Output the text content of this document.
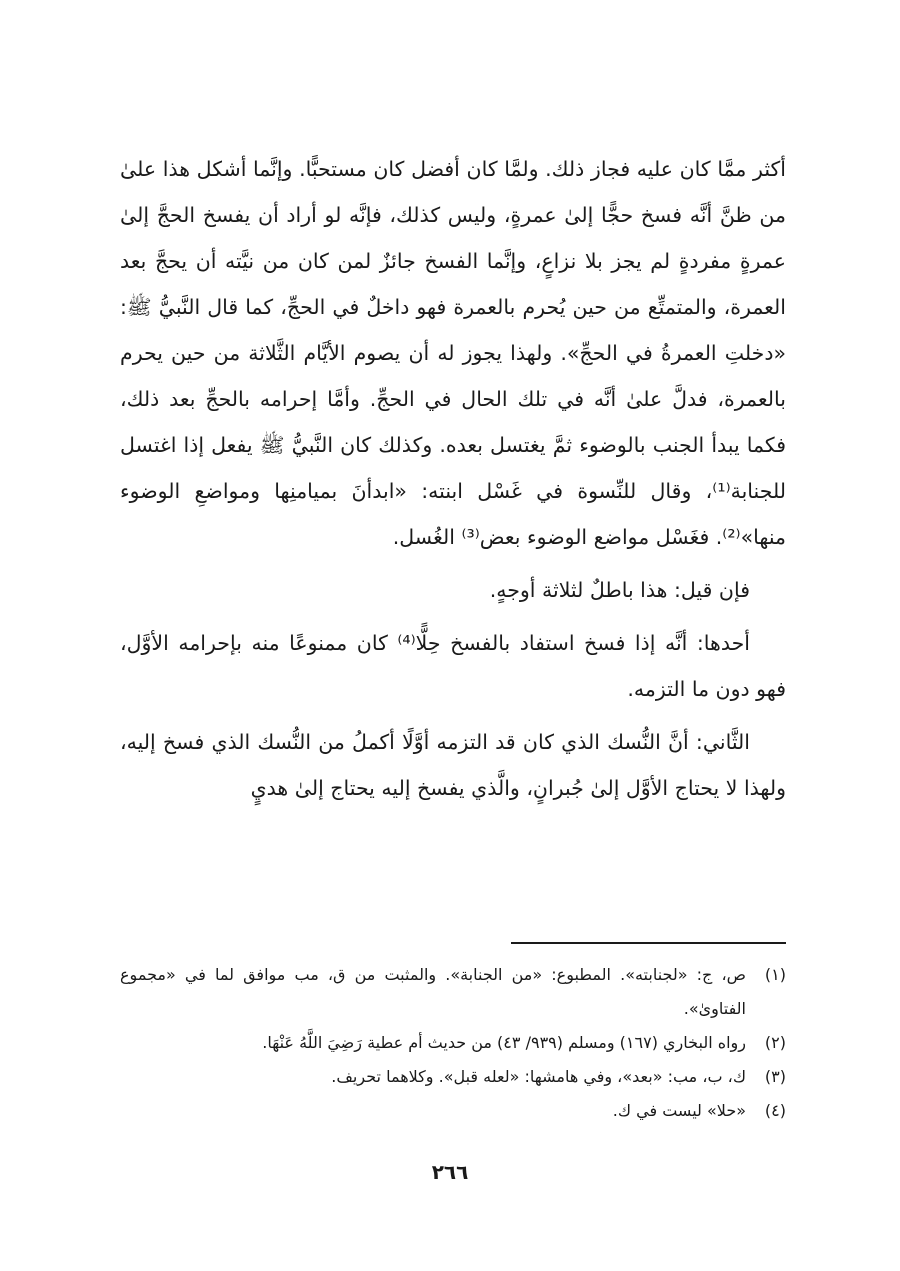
أكثر ممَّا كان عليه فجاز ذلك. ولمَّا كان أفضل كان مستحبًّا. وإنَّما أشكل هذا علىٰ من ظنَّ أنَّه فسخ حجًّا إلىٰ عمرةٍ، وليس كذلك، فإنَّه لو أراد أن يفسخ الحجَّ إلىٰ عمرةٍ مفردةٍ لم يجز بلا نزاعٍ، وإنَّما الفسخ جائزٌ لمن كان من نيَّته أن يحجَّ بعد العمرة، والمتمتِّع من حين يُحرم بالعمرة فهو داخلٌ في الحجِّ، كما قال النَّبيُّ ﷺ: «دخلتِ العمرةُ في الحجِّ». ولهذا يجوز له أن يصوم الأيَّام الثَّلاثة من حين يحرم بالعمرة، فدلَّ علىٰ أنَّه في تلك الحال في الحجِّ. وأمَّا إحرامه بالحجِّ بعد ذلك، فكما يبدأ الجنب بالوضوء ثمَّ يغتسل بعده. وكذلك كان النَّبيُّ ﷺ يفعل إذا اغتسل للجنابة⁽¹⁾، وقال للنِّسوة في غَسْل ابنته: «ابدأنَ بميامنِها ومواضعِ الوضوء منها»⁽²⁾. فغَسْل مواضع الوضوء بعض⁽³⁾ الغُسل.

فإن قيل: هذا باطلٌ لثلاثة أوجهٍ.

أحدها: أنَّه إذا فسخ استفاد بالفسخ حِلًّا⁽⁴⁾ كان ممنوعًا منه بإحرامه الأوَّل، فهو دون ما التزمه.

الثَّاني: أنَّ النُّسك الذي كان قد التزمه أوَّلًا أكملُ من النُّسك الذي فسخ إليه، ولهذا لا يحتاج الأوَّل إلىٰ جُبرانٍ، والَّذي يفسخ إليه يحتاج إلىٰ هديٍ

(١)
ص، ج: «لجنابته». المطبوع: «من الجنابة». والمثبت من ق، مب موافق لما في «مجموع الفتاوىٰ».
(٢)
رواه البخاري (١٦٧) ومسلم (٩٣٩/ ٤٣) من حديث أم عطية رَضِيَ اللَّهُ عَنْهَا.
(٣)
ك، ب، مب: «بعد»، وفي هامشها: «لعله قبل». وكلاهما تحريف.
(٤)
«حلا» ليست في ك.
٢٦٦
